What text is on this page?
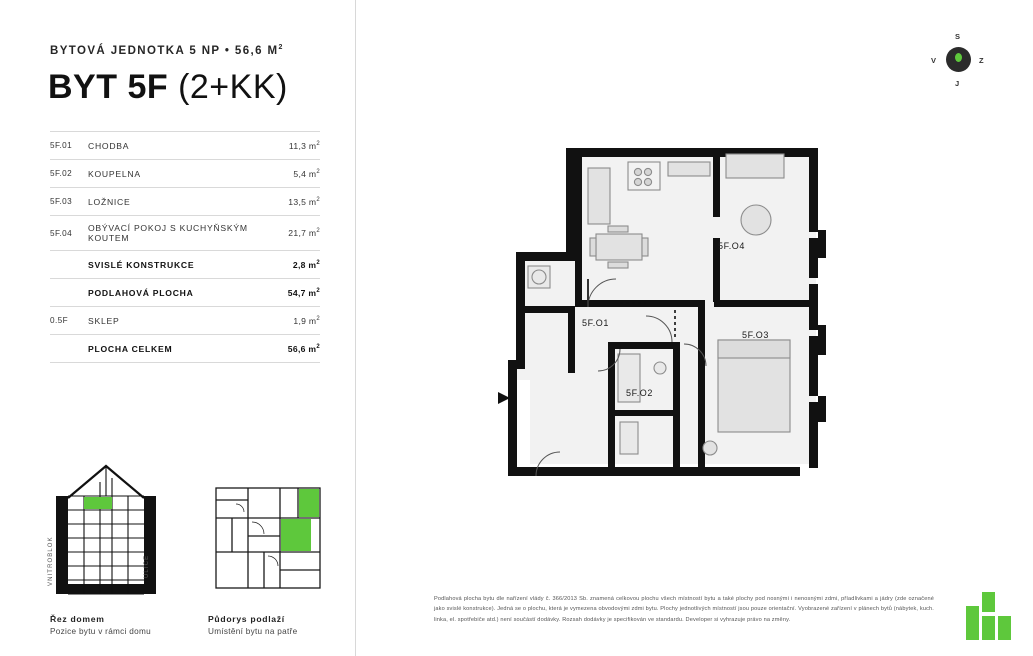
BYTOVÁ JEDNOTKA 5 NP • 56,6 $M^2$
BYT 5F (2+KK)
5F.01	CHODBA	11,3 $m^2$
5F.02	KOUPELNA	5,4 $m^2$
5F.03	LOŽNICE	13,5 $m^2$
5F.04	OBÝVACÍ POKOJ S KUCHYŇSKÝM KOUTEM	21,7 $m^2$
	SVISLÉ KONSTRUKCE	2,8 $m^2$
	PODLAHOVÁ PLOCHA	54,7 $m^2$
0.5F	SKLEP	1,9 $m^2$
	PLOCHA CELKEM	56,6 $m^2$
VNITROBLOK	ULICE
Řez domem
Pozice bytu v rámci domu
Půdorys podlaží
Umístění bytu na patře
S
Z
J
V
5F.O4
5F.O1
5F.O3
5F.O2
Podlahová plocha bytu dle nařízení vlády č. 366/2013 Sb. znamená celkovou plochu všech místností bytu a také plochy pod nosnými i nenosnými zdmi, příadlivkami a jádry (zde označené jako svislé konstrukce). Jedná se o plochu, která je vymezena obvodovými zdmi bytu. Plochy jednotlivých místností jsou pouze orientační. Vyobrazené zařízení v plánech bytů (nábytek, kuch. linka, el. spotřebiče atd.) není součástí dodávky. Rozsah dodávky je specifikován ve standardu. Developer si vyhrazuje právo na změny.
